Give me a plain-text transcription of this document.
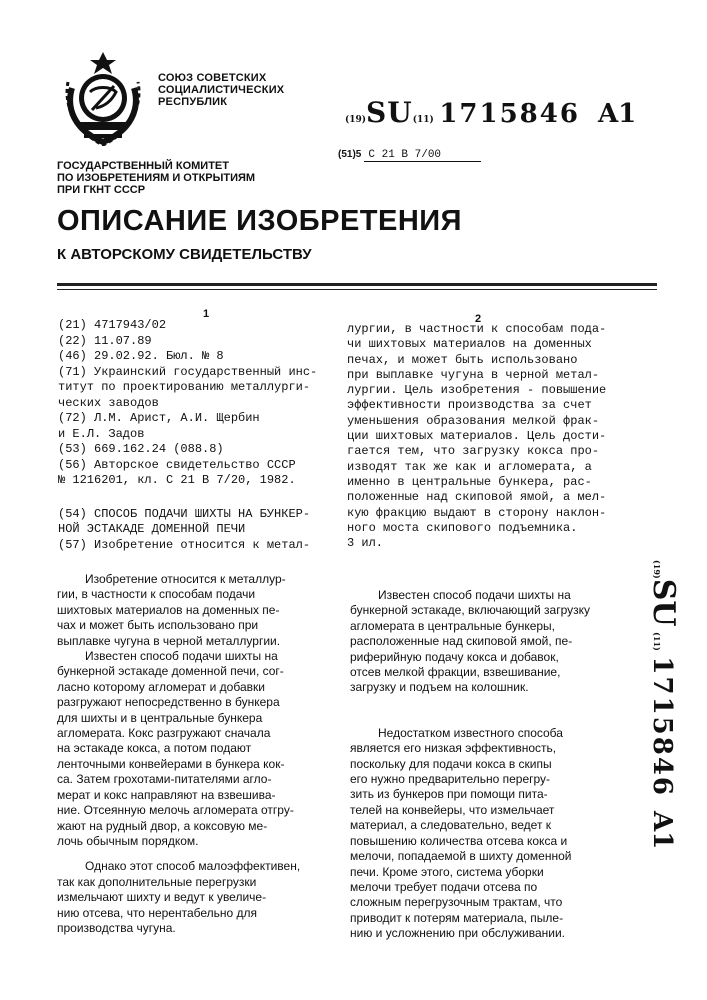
СОЮЗ СОВЕТСКИХ
СОЦИАЛИСТИЧЕСКИХ
РЕСПУБЛИК
(19)SU(11) 1715846 A1
(51)5 C 21 B 7/00
ГОСУДАРСТВЕННЫЙ КОМИТЕТ
ПО ИЗОБРЕТЕНИЯМ И ОТКРЫТИЯМ
ПРИ ГКНТ СССР
ОПИСАНИЕ ИЗОБРЕТЕНИЯ
К АВТОРСКОМУ СВИДЕТЕЛЬСТВУ
1	2
(21) 4717943/02
(22) 11.07.89
(46) 29.02.92. Бюл. № 8
(71) Украинский государственный инс-
титут по проектированию металлурги-
ческих заводов
(72) Л.М. Арист, А.И. Щербин
и Е.Л. Задов
(53) 669.162.24 (088.8)
(56) Авторское свидетельство СССР
№ 1216201, кл. C 21 B 7/20, 1982.
(54) СПОСОБ ПОДАЧИ ШИХТЫ НА БУНКЕР-
НОЙ ЭСТАКАДЕ ДОМЕННОЙ ПЕЧИ
(57) Изобретение относится к метал-
лургии, в частности к способам пода-
чи шихтовых материалов на доменных
печах, и может быть использовано
при выплавке чугуна в черной метал-
лургии. Цель изобретения - повышение
эффективности производства за счет
уменьшения образования мелкой фрак-
ции шихтовых материалов. Цель дости-
гается тем, что загрузку кокса про-
изводят так же как и агломерата, а
именно в центральные бункера, рас-
положенные над скиповой ямой, а мел-
кую фракцию выдают в сторону наклон-
ного моста скипового подъемника.
3 ил.
Изобретение относится к металлур-
гии, в частности к способам подачи
шихтовых материалов на доменных пе-
чах и может быть использовано при
выплавке чугуна в черной металлургии.
Известен способ подачи шихты на
бункерной эстакаде доменной печи, сог-
ласно которому агломерат и добавки
разгружают непосредственно в бункера
для шихты и в центральные бункера
агломерата. Кокс разгружают сначала
на эстакаде кокса, а потом подают
ленточными конвейерами в бункера кок-
са. Затем грохотами-питателями агло-
мерат и кокс направляют на взвешива-
ние. Отсеянную мелочь агломерата отгру-
жают на рудный двор, а коксовую ме-
лочь обычным порядком.
Однако этот способ малоэффективен,
так как дополнительные перегрузки
измельчают шихту и ведут к увеличе-
нию отсева, что нерентабельно для
производства чугуна.
Известен способ подачи шихты на
бункерной эстакаде, включающий загрузку
агломерата в центральные бункеры,
расположенные над скиповой ямой, пе-
риферийную подачу кокса и добавок,
отсев мелкой фракции, взвешивание,
загрузку и подъем на колошник.
Недостатком известного способа
является его низкая эффективность,
поскольку для подачи кокса в скипы
его нужно предварительно перегру-
зить из бункеров при помощи пита-
телей на конвейеры, что измельчает
материал, а следовательно, ведет к
повышению количества отсева кокса и
мелочи, попадаемой в шихту доменной
печи. Кроме этого, система уборки
мелочи требует подачи отсева по
сложным перегрузочным трактам, что
приводит к потерям материала, пыле-
нию и усложнению при обслуживании.
(19)SU (11) 1715846A1
